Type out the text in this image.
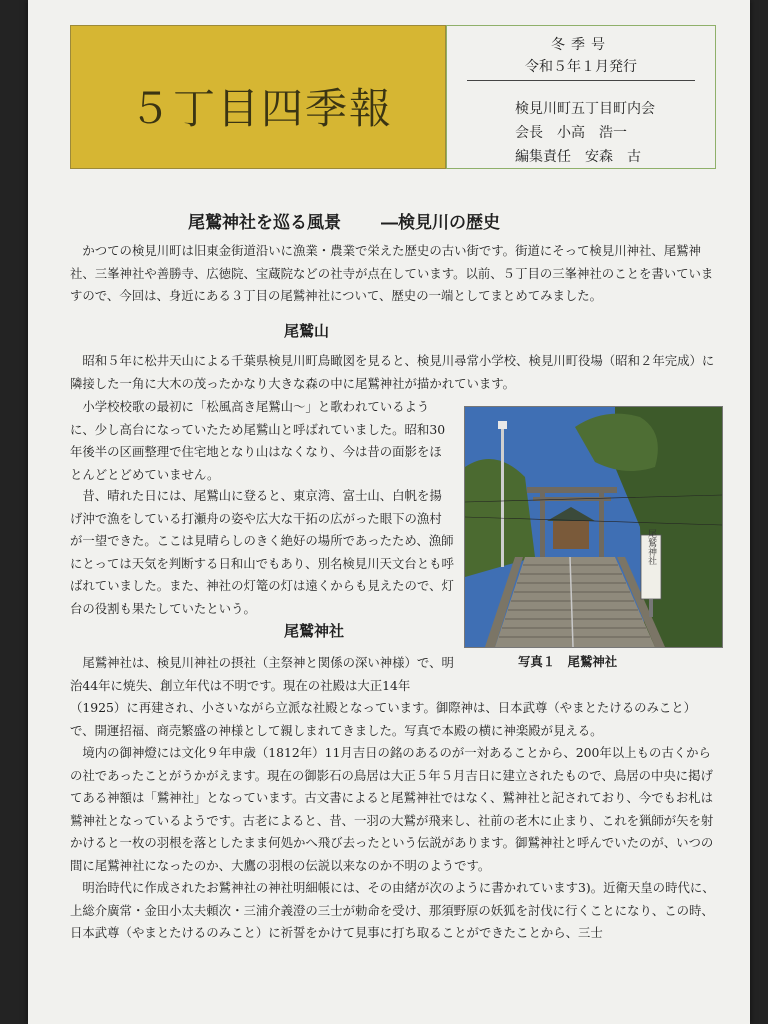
５丁目四季報
冬季号
令和５年１月発行
検見川町五丁目町内会
会長　小高　浩一
編集責任　安森　古
尾鷲神社を巡る風景 ―検見川の歴史

かつての検見川町は旧東金街道沿いに漁業・農業で栄えた歴史の古い街です。街道にそって検見川神社、尾鷲神社、三峯神社や善勝寺、広徳院、宝蔵院などの社寺が点在しています。以前、５丁目の三峯神社のことを書いていますので、今回は、身近にある３丁目の尾鷲神社について、歴史の一端としてまとめてみました。

尾鷲山

昭和５年に松井天山による千葉県検見川町鳥瞰図を見ると、検見川尋常小学校、検見川町役場（昭和２年完成）に隣接した一角に大木の茂ったかなり大きな森の中に尾鷲神社が描かれています。

小学校校歌の最初に「松風高き尾鷲山〜」と歌われているように、少し高台になっていたため尾鷲山と呼ばれていました。昭和30年後半の区画整理で住宅地となり山はなくなり、今は昔の面影をほとんどとどめていません。

昔、晴れた日には、尾鷲山に登ると、東京湾、富士山、白帆を揚げ沖で漁をしている打瀬舟の姿や広大な干拓の広がった眼下の漁村が一望できた。ここは見晴らしのきく絶好の場所であったため、漁師にとっては天気を判断する日和山でもあり、別名検見川天文台とも呼ばれていました。また、神社の灯篭の灯は遠くからも見えたので、灯台の役割も果たしていたという。

尾鷲神社

尾鷲神社は、検見川神社の摂社（主祭神と関係の深い神様）で、明治44年に焼失、創立年代は不明です。現在の社殿は大正14年

（1925）に再建され、小さいながら立派な社殿となっています。御際神は、日本武尊（やまとたけるのみこと）で、開運招福、商売繁盛の神様として親しまれてきました。写真で本殿の横に神楽殿が見える。

境内の御神燈には文化９年申歳（1812年）11月吉日の銘のあるのが一対あることから、200年以上もの古くからの社であったことがうかがえます。現在の御影石の鳥居は大正５年５月吉日に建立されたもので、鳥居の中央に掲げてある神額は「鷲神社」となっています。古文書によると尾鷲神社ではなく、鷲神社と記されており、今でもお札は鷲神社となっているようです。古老によると、昔、一羽の大鷲が飛来し、社前の老木に止まり、これを猟師が矢を射かけると一枚の羽根を落としたまま何処かへ飛び去ったという伝説があります。御鷲神社と呼んでいたのが、いつの間に尾鷲神社になったのか、大鷹の羽根の伝説以来なのか不明のようです。

明治時代に作成されたお鷲神社の神社明細帳には、その由緒が次のように書かれています3)。近衛天皇の時代に、上総介廣常・金田小太夫頼次・三浦介義澄の三士が勅命を受け、那須野原の妖狐を討伐に行くことになり、この時、日本武尊（やまとたけるのみこと）に祈誓をかけて見事に打ち取ることができたことから、三士

尾鷲神社
写真１　尾鷲神社
